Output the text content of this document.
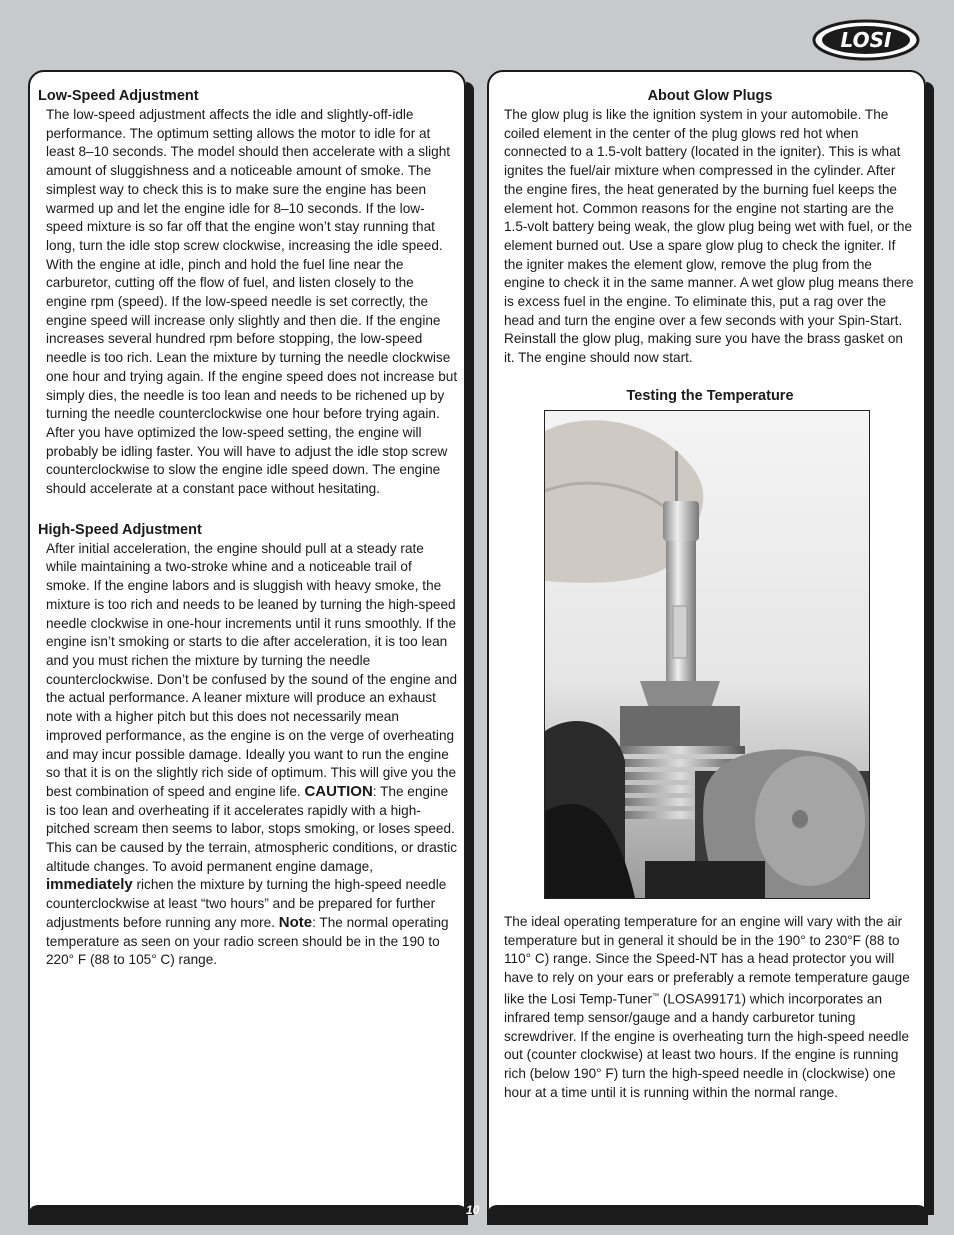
LOSI
Low-Speed Adjustment

The low-speed adjustment affects the idle and slightly-off-idle performance. The optimum setting allows the motor to idle for at least 8–10 seconds. The model should then accelerate with a slight amount of sluggishness and a noticeable amount of smoke. The simplest way to check this is to make sure the engine has been warmed up and let the engine idle for 8–10 seconds. If the low-speed mixture is so far off that the engine won’t stay running that long, turn the idle stop screw clockwise, increasing the idle speed. With the engine at idle, pinch and hold the fuel line near the carburetor, cutting off the flow of fuel, and listen closely to the engine rpm (speed). If the low-speed needle is set correctly, the engine speed will increase only slightly and then die. If the engine increases several hundred rpm before stopping, the low-speed needle is too rich. Lean the mixture by turning the needle clockwise one hour and trying again. If the engine speed does not increase but simply dies, the needle is too lean and needs to be richened up by turning the needle counterclockwise one hour before trying again. After you have optimized the low-speed setting, the engine will probably be idling faster. You will have to adjust the idle stop screw counterclockwise to slow the engine idle speed down. The engine should accelerate at a constant pace without hesitating.

High-Speed Adjustment

After initial acceleration, the engine should pull at a steady rate while maintaining a two-stroke whine and a noticeable trail of smoke. If the engine labors and is sluggish with heavy smoke, the mixture is too rich and needs to be leaned by turning the high-speed needle clockwise in one-hour increments until it runs smoothly. If the engine isn’t smoking or starts to die after acceleration, it is too lean and you must richen the mixture by turning the needle counterclockwise. Don’t be confused by the sound of the engine and the actual performance. A leaner mixture will produce an exhaust note with a higher pitch but this does not necessarily mean improved performance, as the engine is on the verge of overheating and may incur possible damage. Ideally you want to run the engine so that it is on the slightly rich side of optimum. This will give you the best combination of speed and engine life. CAUTION: The engine is too lean and overheating if it accelerates rapidly with a high-pitched scream then seems to labor, stops smoking, or loses speed. This can be caused by the terrain, atmospheric conditions, or drastic altitude changes. To avoid permanent engine damage, immediately richen the mixture by turning the high-speed needle counterclockwise at least “two hours” and be prepared for further adjustments before running any more. Note: The normal operating temperature as seen on your radio screen should be in the 190 to 220° F (88 to 105° C) range.

About Glow Plugs

The glow plug is like the ignition system in your automobile. The coiled element in the center of the plug glows red hot when connected to a 1.5-volt battery (located in the igniter). This is what ignites the fuel/air mixture when compressed in the cylinder. After the engine fires, the heat generated by the burning fuel keeps the element hot. Common reasons for the engine not starting are the 1.5-volt battery being weak, the glow plug being wet with fuel, or the element burned out. Use a spare glow plug to check the igniter. If the igniter makes the element glow, remove the plug from the engine to check it in the same manner. A wet glow plug means there is excess fuel in the engine. To eliminate this, put a rag over the head and turn the engine over a few seconds with your Spin-Start. Reinstall the glow plug, making sure you have the brass gasket on it. The engine should now start.

Testing the Temperature

The ideal operating temperature for an engine will vary with the air temperature but in general it should be in the 190° to 230°F (88 to 110° C) range. Since the Speed-NT has a head protector you will have to rely on your ears or preferably a remote temperature gauge like the Losi Temp-Tuner™ (LOSA99171) which incorporates an infrared temp sensor/gauge and a handy carburetor tuning screwdriver. If the engine is overheating turn the high-speed needle out (counter clockwise) at least two hours. If the engine is running rich (below 190° F) turn the high-speed needle in (clockwise) one hour at a time until it is running within the normal range.

10
